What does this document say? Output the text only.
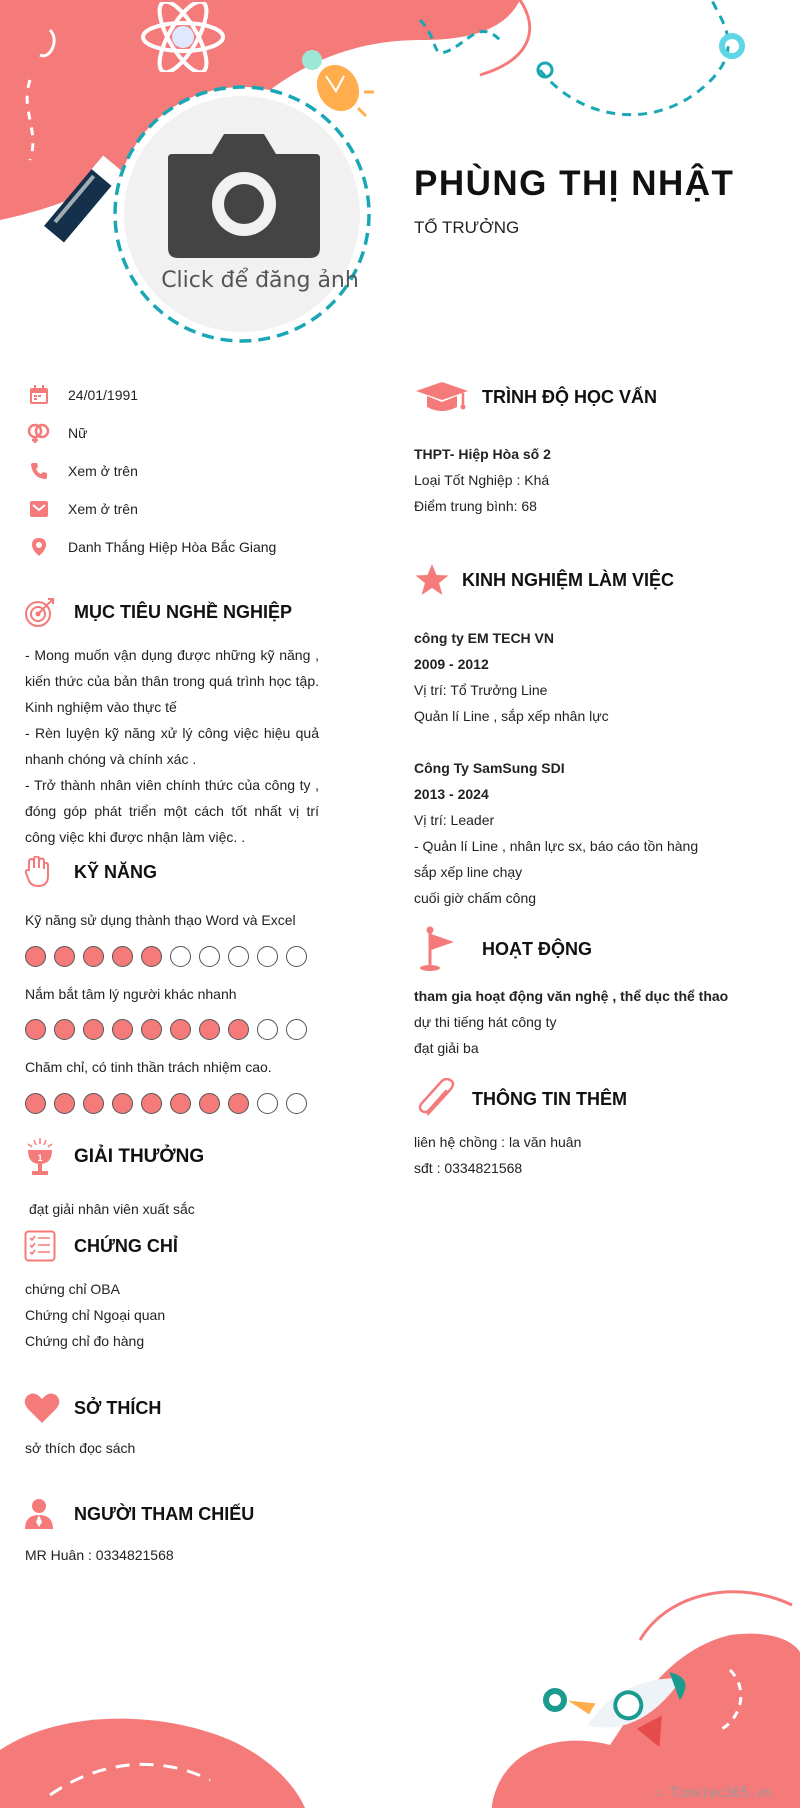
Click để đăng ảnh
PHÙNG THỊ NHẬT
TỔ TRƯỞNG
24/01/1991
Nữ
Xem ở trên
Xem ở trên
Danh Thắng Hiệp Hòa Bắc Giang
MỤC TIÊU NGHỀ NGHIỆP
- Mong muốn vận dụng được những kỹ năng , kiến thức của bản thân trong quá trình học tập. Kinh nghiệm vào thực tế
- Rèn luyện kỹ năng xử lý công việc hiệu quả nhanh chóng và chính xác .
- Trở thành nhân viên chính thức của công ty , đóng góp phát triển một cách tốt nhất vị trí công việc khi được nhận làm việc. .
KỸ NĂNG
Kỹ năng sử dụng thành thạo Word và Excel
Nắm bắt tâm lý người khác nhanh
Chăm chỉ, có tinh thần trách nhiệm cao.
1 GIẢI THƯỞNG
đạt giải nhân viên xuất sắc
CHỨNG CHỈ
chứng chỉ OBA
Chứng chỉ Ngoại quan
Chứng chỉ đo hàng
SỞ THÍCH
sở thích đọc sách
NGƯỜI THAM CHIẾU
MR Huân : 0334821568
TRÌNH ĐỘ HỌC VẤN
THPT- Hiệp Hòa số 2
Loại Tốt Nghiệp : Khá
Điểm trung bình: 68
KINH NGHIỆM LÀM VIỆC
công ty EM TECH VN
2009 - 2012
Vị trí: Tổ Trưởng Line
Quản lí Line , sắp xếp nhân lực
Công Ty SamSung SDI
2013 - 2024
Vị trí: Leader
- Quản lí Line , nhân lực sx, báo cáo tồn hàng
sắp xếp line chạy
cuối giờ chấm công
HOẠT ĐỘNG
tham gia hoạt động văn nghệ , thể dục thể thao
dự thi tiếng hát công ty
đạt giải ba
THÔNG TIN THÊM
liên hệ chồng : la văn huân
sđt : 0334821568
∴ Timviec365.vn
